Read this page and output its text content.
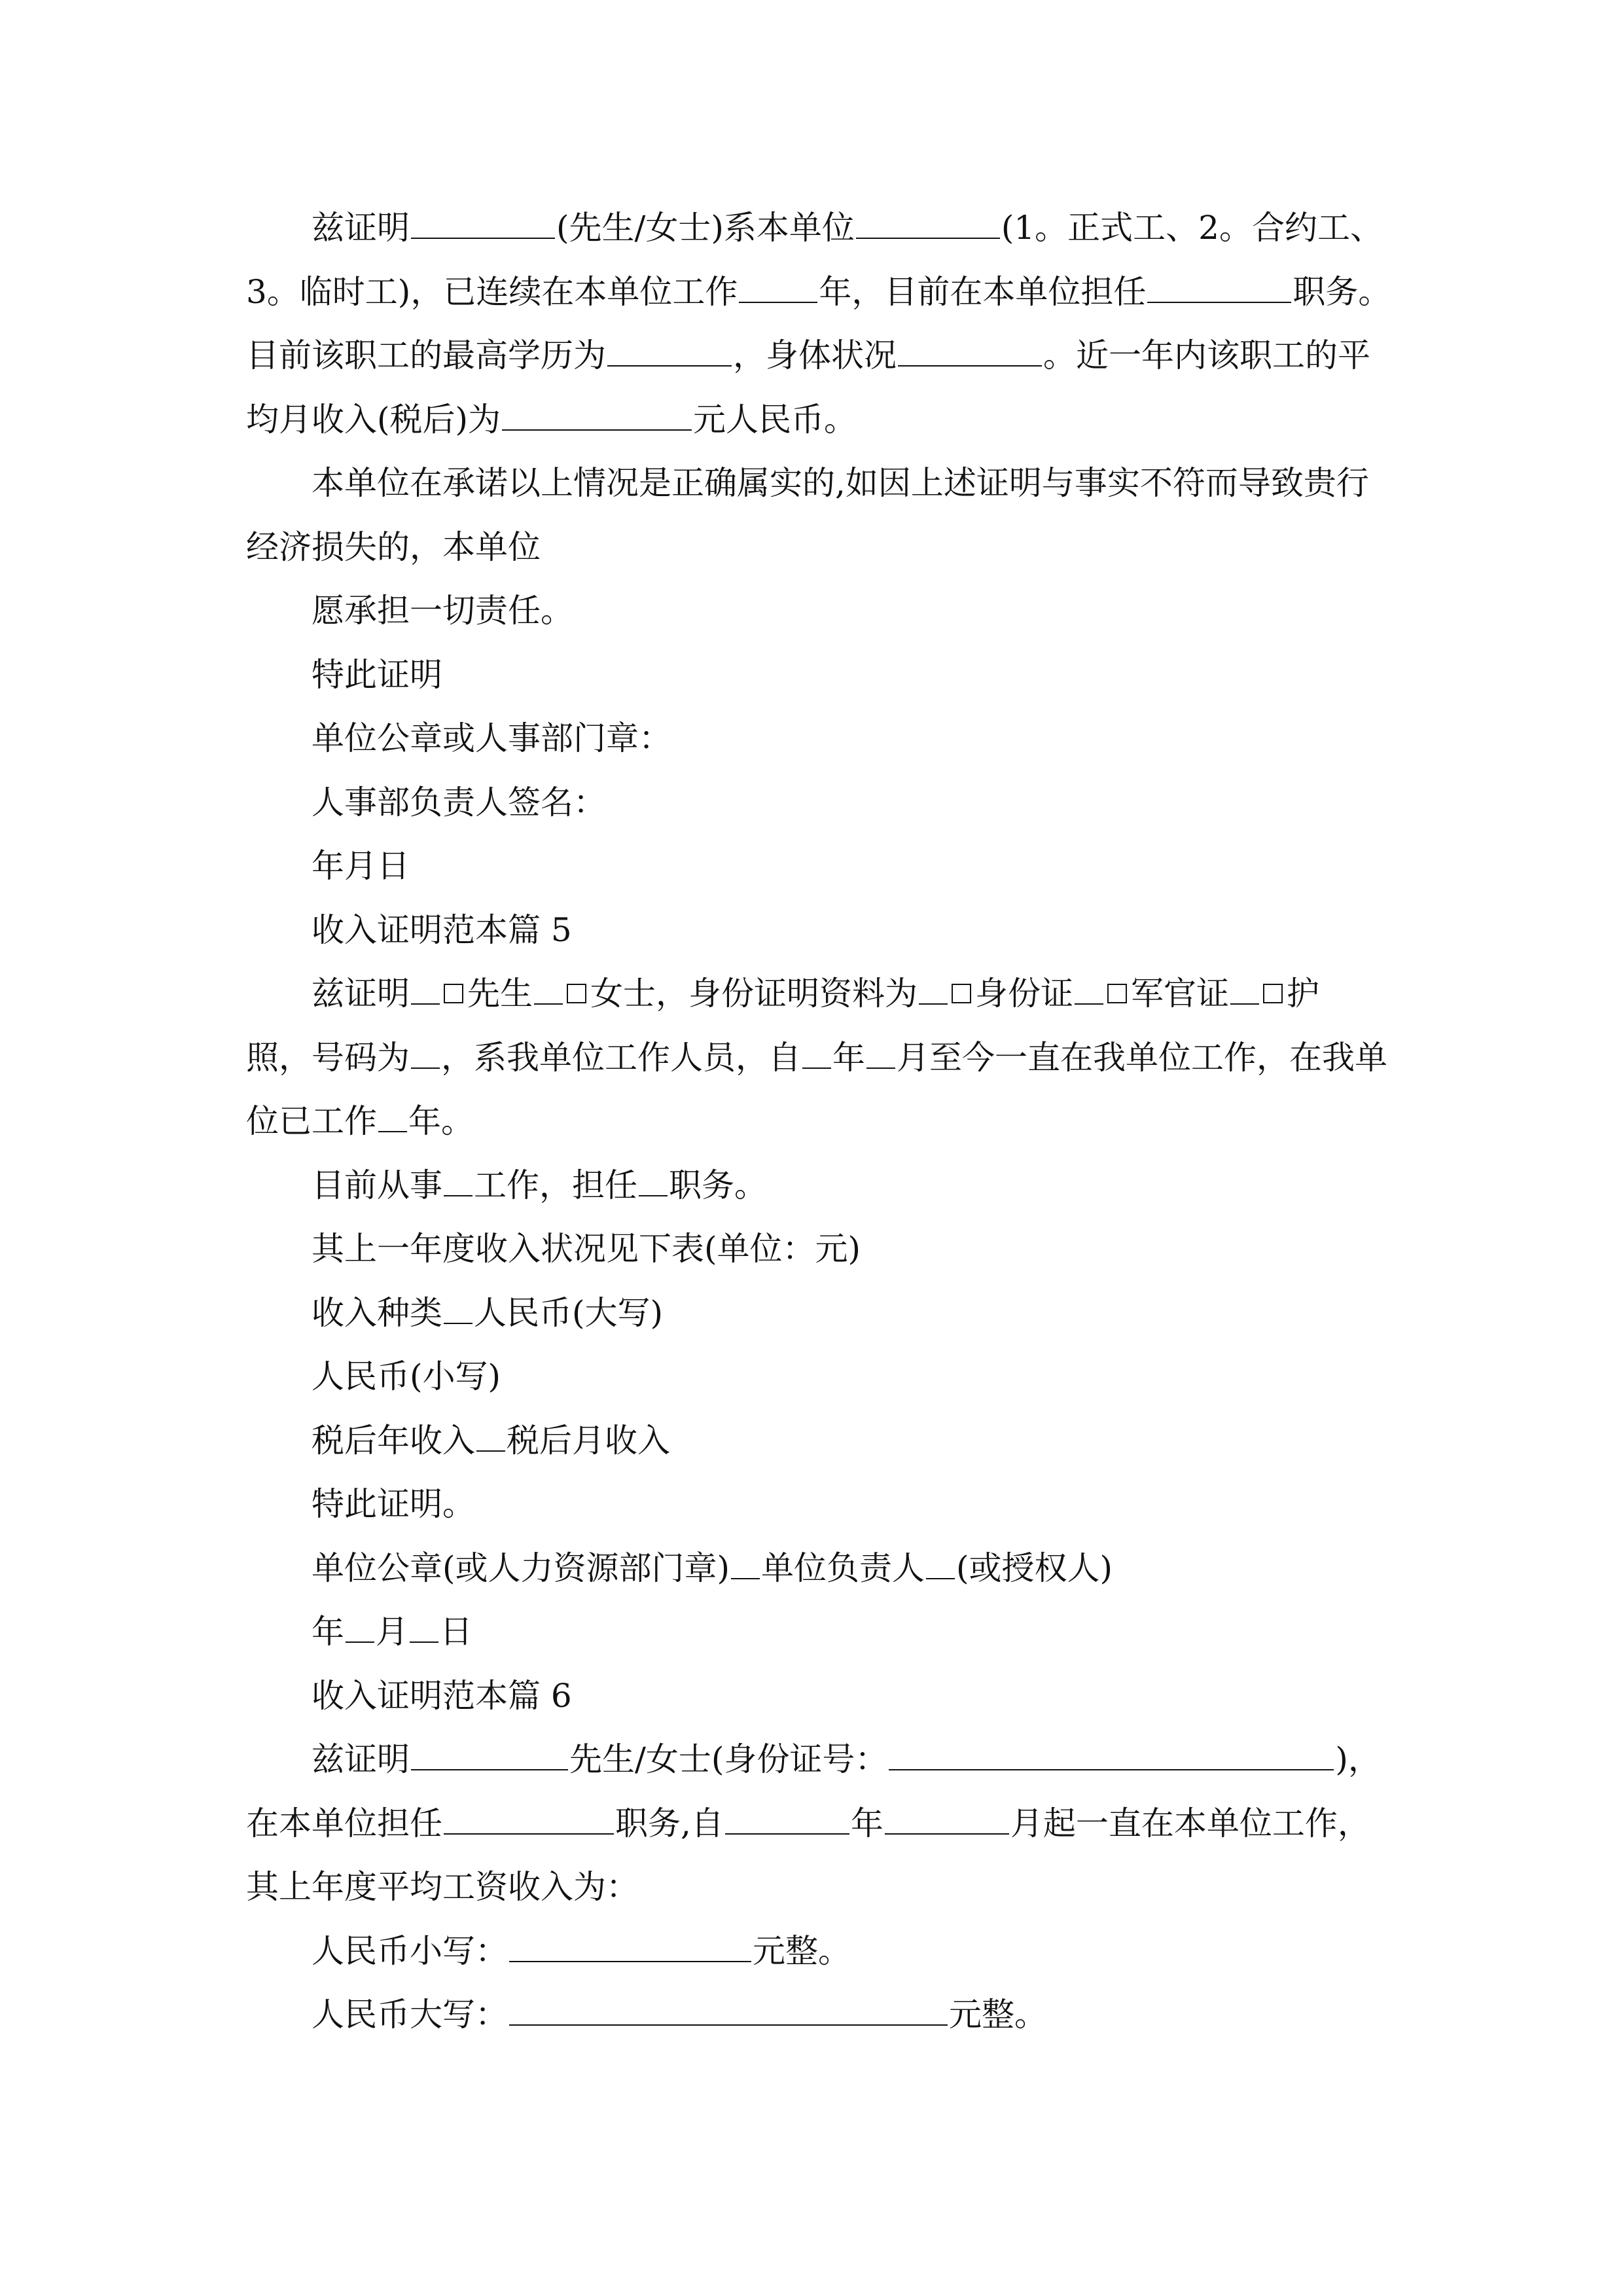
兹证明	(先生/女士)系本单位	(1。正式工、2。合约工、
3。临时工)，已连续在本单位工作 年，目前在本单位担任	职务。
目前该职工的最高学历为	，身体状况	。近一年内该职工的平
均月收入(税后)为	元人民币。
本单位在承诺以上情况是正确属实的,如因上述证明与事实不符而导致贵行
经济损失的，本单位
愿承担一切责任。
特此证明
单位公章或人事部门章：
人事部负责人签名：
年月日
收入证明范本篇 5
兹证明 先生 女士，身份证明资料为 身份证 军官证 护
照，号码为 ，系我单位工作人员，自 年 月至今一直在我单位工作，在我单
位已工作 年。
目前从事 工作，担任 职务。
其上一年度收入状况见下表(单位：元)
收入种类 人民币(大写)
人民币(小写)
税后年收入 税后月收入
特此证明。
单位公章(或人力资源部门章) 单位负责人 (或授权人)
年 月 日
收入证明范本篇 6
兹证明	先生/女士(身份证号：	)，
在本单位担任	职务,自	年	月起一直在本单位工作，
其上年度平均工资收入为：
人民币小写：	元整。
人民币大写：	元整。
